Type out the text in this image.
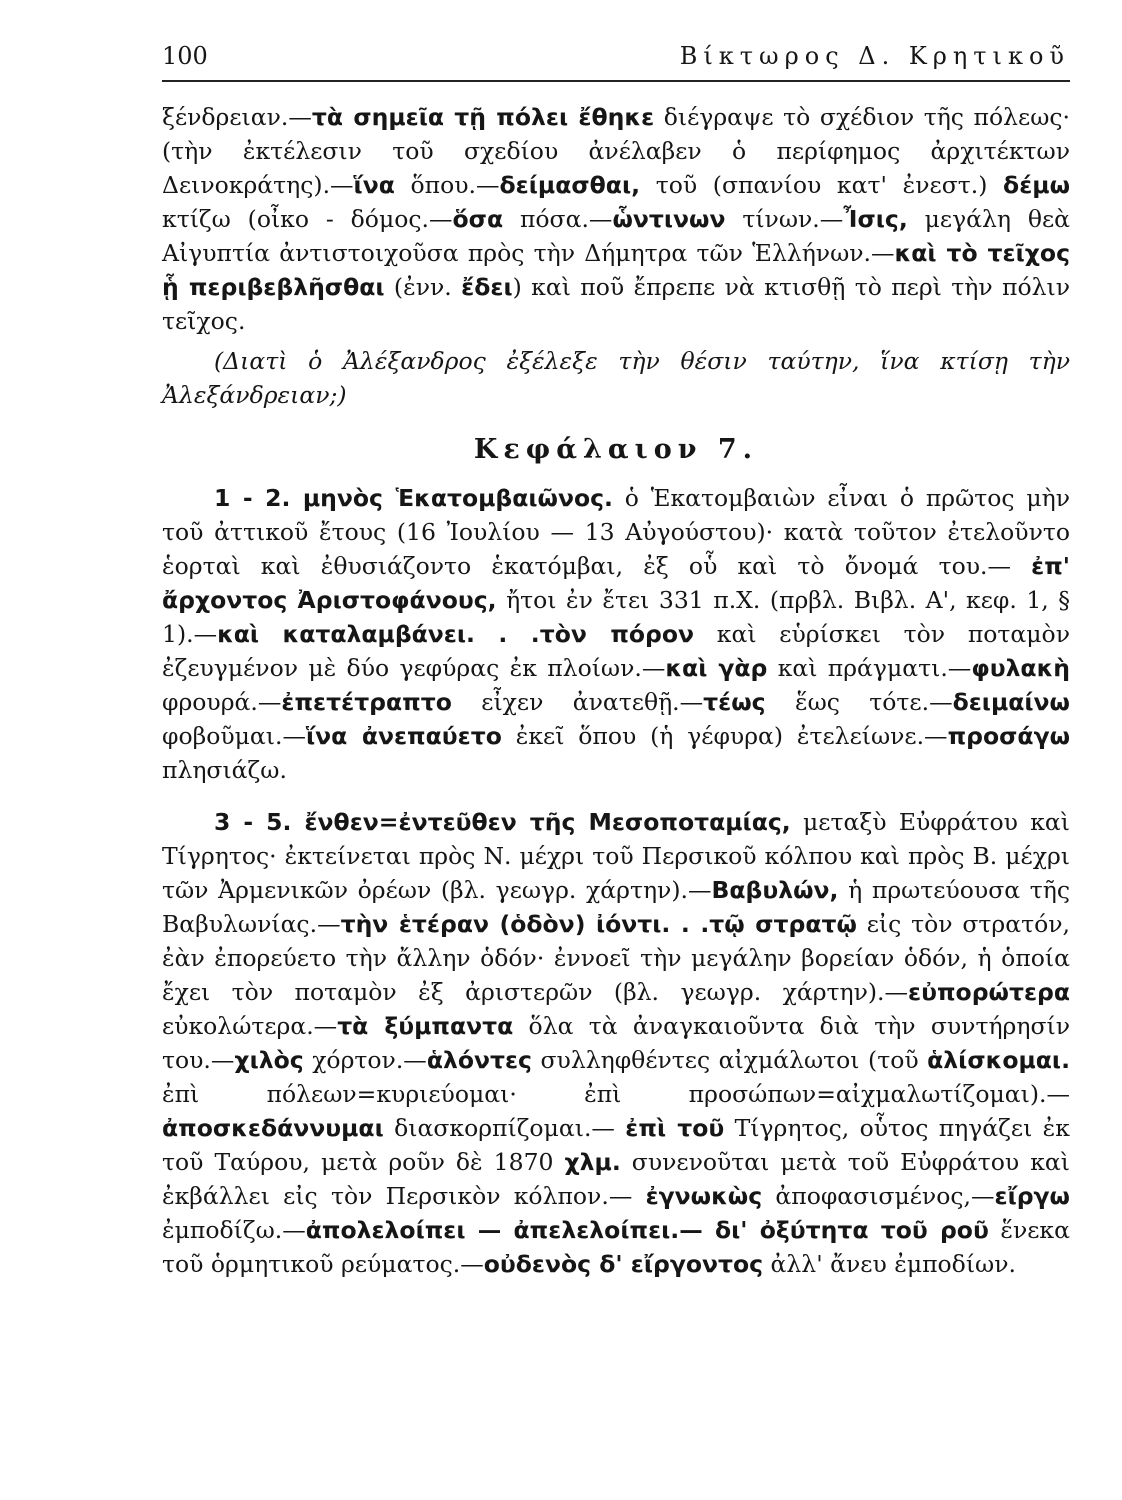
100	Βίκτωρος Δ. Κρητικοῦ

ξένδρειαν.—τὰ σημεῖα τῇ πόλει ἔθηκε διέγραψε τὸ σχέδιον τῆς πόλεως· (τὴν ἐκτέλεσιν τοῦ σχεδίου ἀνέλαβεν ὁ περίφημος ἀρχιτέκτων Δεινοκράτης).—ἵνα ὅπου.—δείμασθαι, τοῦ (σπανίου κατ' ἐνεστ.) δέμω κτίζω (οἶκο - δόμος.—ὅσα πόσα.—ὧντινων τίνων.—Ἶσις, μεγάλη θεὰ Αἰγυπτία ἀντιστοιχοῦσα πρὸς τὴν Δήμητρα τῶν Ἑλλήνων.—καὶ τὸ τεῖχος ᾗ περιβεβλῆσθαι (ἐνν. ἔδει) καὶ ποῦ ἔπρεπε νὰ κτισθῇ τὸ περὶ τὴν πόλιν τεῖχος.

(Διατὶ ὁ Ἀλέξανδρος ἐξέλεξε τὴν θέσιν ταύτην, ἵνα κτίσῃ τὴν Ἀλεξάνδρειαν;)

Κεφάλαιον 7.

1 - 2. μηνὸς Ἑκατομβαιῶνος. ὁ Ἑκατομβαιὼν εἶναι ὁ πρῶτος μὴν τοῦ ἀττικοῦ ἔτους (16 Ἰουλίου — 13 Αὐγούστου)· κατὰ τοῦτον ἐτελοῦντο ἑορταὶ καὶ ἐθυσιάζοντο ἑκατόμβαι, ἐξ οὗ καὶ τὸ ὄνομά του.— ἐπ' ἄρχοντος Ἀριστοφάνους, ἤτοι ἐν ἔτει 331 π.Χ. (πρβλ. Βιβλ. Α', κεφ. 1, § 1).—καὶ καταλαμβάνει. . .τὸν πόρον καὶ εὑρίσκει τὸν ποταμὸν ἐζευγμένον μὲ δύο γεφύρας ἐκ πλοίων.—καὶ γὰρ καὶ πράγματι.—φυλακὴ φρουρά.—ἐπετέτραπτο εἶχεν ἀνατεθῇ.—τέως ἕως τότε.—δειμαίνω φοβοῦμαι.—ἵνα ἀνεπαύετο ἐκεῖ ὅπου (ἡ γέφυρα) ἐτελείωνε.—προσάγω πλησιάζω.

3 - 5. ἔνθεν=ἐντεῦθεν τῆς Μεσοποταμίας, μεταξὺ Εὐφράτου καὶ Τίγρητος· ἐκτείνεται πρὸς Ν. μέχρι τοῦ Περσικοῦ κόλπου καὶ πρὸς Β. μέχρι τῶν Ἀρμενικῶν ὀρέων (βλ. γεωγρ. χάρτην).—Βαβυλών, ἡ πρωτεύουσα τῆς Βαβυλωνίας.—τὴν ἑτέραν (ὁδὸν) ἰόντι. . .τῷ στρατῷ εἰς τὸν στρατόν, ἐὰν ἐπορεύετο τὴν ἄλλην ὁδόν· ἐννοεῖ τὴν μεγάλην βορείαν ὁδόν, ἡ ὁποία ἔχει τὸν ποταμὸν ἐξ ἀριστερῶν (βλ. γεωγρ. χάρτην).—εὐπορώτερα εὐκολώτερα.—τὰ ξύμπαντα ὅλα τὰ ἀναγκαιοῦντα διὰ τὴν συντήρησίν του.—χιλὸς χόρτον.—ἁλόντες συλληφθέντες αἰχμάλωτοι (τοῦ ἁλίσκομαι. ἐπὶ πόλεων=κυριεύομαι· ἐπὶ προσώπων=αἰχμαλωτίζομαι).—ἀποσκεδάννυμαι διασκορπίζομαι.— ἐπὶ τοῦ Τίγρητος, οὗτος πηγάζει ἐκ τοῦ Ταύρου, μετὰ ροῦν δὲ 1870 χλμ. συνενοῦται μετὰ τοῦ Εὐφράτου καὶ ἐκβάλλει εἰς τὸν Περσικὸν κόλπον.— ἐγνωκὼς ἀποφασισμένος,—εἴργω ἐμποδίζω.—ἀπολελοίπει — ἀπελελοίπει.— δι' ὀξύτητα τοῦ ροῦ ἕνεκα τοῦ ὁρμητικοῦ ρεύματος.—οὐδενὸς δ' εἴργοντος ἀλλ' ἄνευ ἐμποδίων.
